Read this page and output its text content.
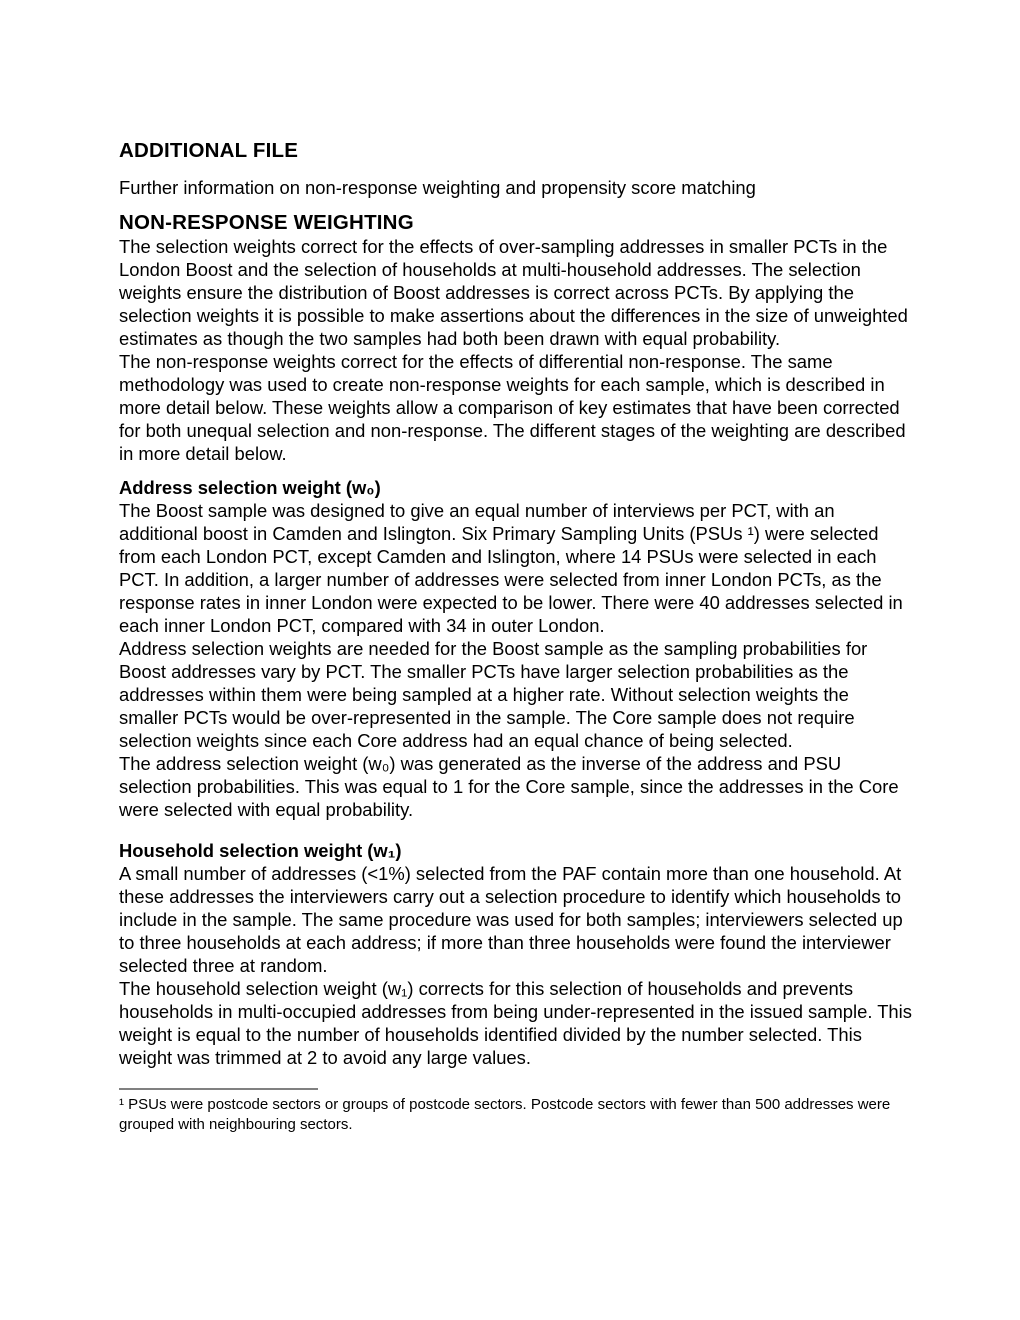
ADDITIONAL FILE

Further information on non-response weighting and propensity score matching

NON-RESPONSE WEIGHTING

The selection weights correct for the effects of over-sampling addresses in smaller PCTs in the London Boost and the selection of households at multi-household addresses. The selection weights ensure the distribution of Boost addresses is correct across PCTs. By applying the selection weights it is possible to make assertions about the differences in the size of unweighted estimates as though the two samples had both been drawn with equal probability.

The non-response weights correct for the effects of differential non-response. The same methodology was used to create non-response weights for each sample, which is described in more detail below. These weights allow a comparison of key estimates that have been corrected for both unequal selection and non-response. The different stages of the weighting are described in more detail below.

Address selection weight (w₀)

The Boost sample was designed to give an equal number of interviews per PCT, with an additional boost in Camden and Islington. Six Primary Sampling Units (PSUs ¹) were selected from each London PCT, except Camden and Islington, where 14 PSUs were selected in each PCT. In addition, a larger number of addresses were selected from inner London PCTs, as the response rates in inner London were expected to be lower. There were 40 addresses selected in each inner London PCT, compared with 34 in outer London.

Address selection weights are needed for the Boost sample as the sampling probabilities for Boost addresses vary by PCT. The smaller PCTs have larger selection probabilities as the addresses within them were being sampled at a higher rate. Without selection weights the smaller PCTs would be over-represented in the sample. The Core sample does not require selection weights since each Core address had an equal chance of being selected.

The address selection weight (w₀) was generated as the inverse of the address and PSU selection probabilities. This was equal to 1 for the Core sample, since the addresses in the Core were selected with equal probability.

Household selection weight (w₁)

A small number of addresses (<1%) selected from the PAF contain more than one household. At these addresses the interviewers carry out a selection procedure to identify which households to include in the sample. The same procedure was used for both samples; interviewers selected up to three households at each address; if more than three households were found the interviewer selected three at random.

The household selection weight (w₁) corrects for this selection of households and prevents households in multi-occupied addresses from being under-represented in the issued sample. This weight is equal to the number of households identified divided by the number selected. This weight was trimmed at 2 to avoid any large values.

¹ PSUs were postcode sectors or groups of postcode sectors. Postcode sectors with fewer than 500 addresses were grouped with neighbouring sectors.
